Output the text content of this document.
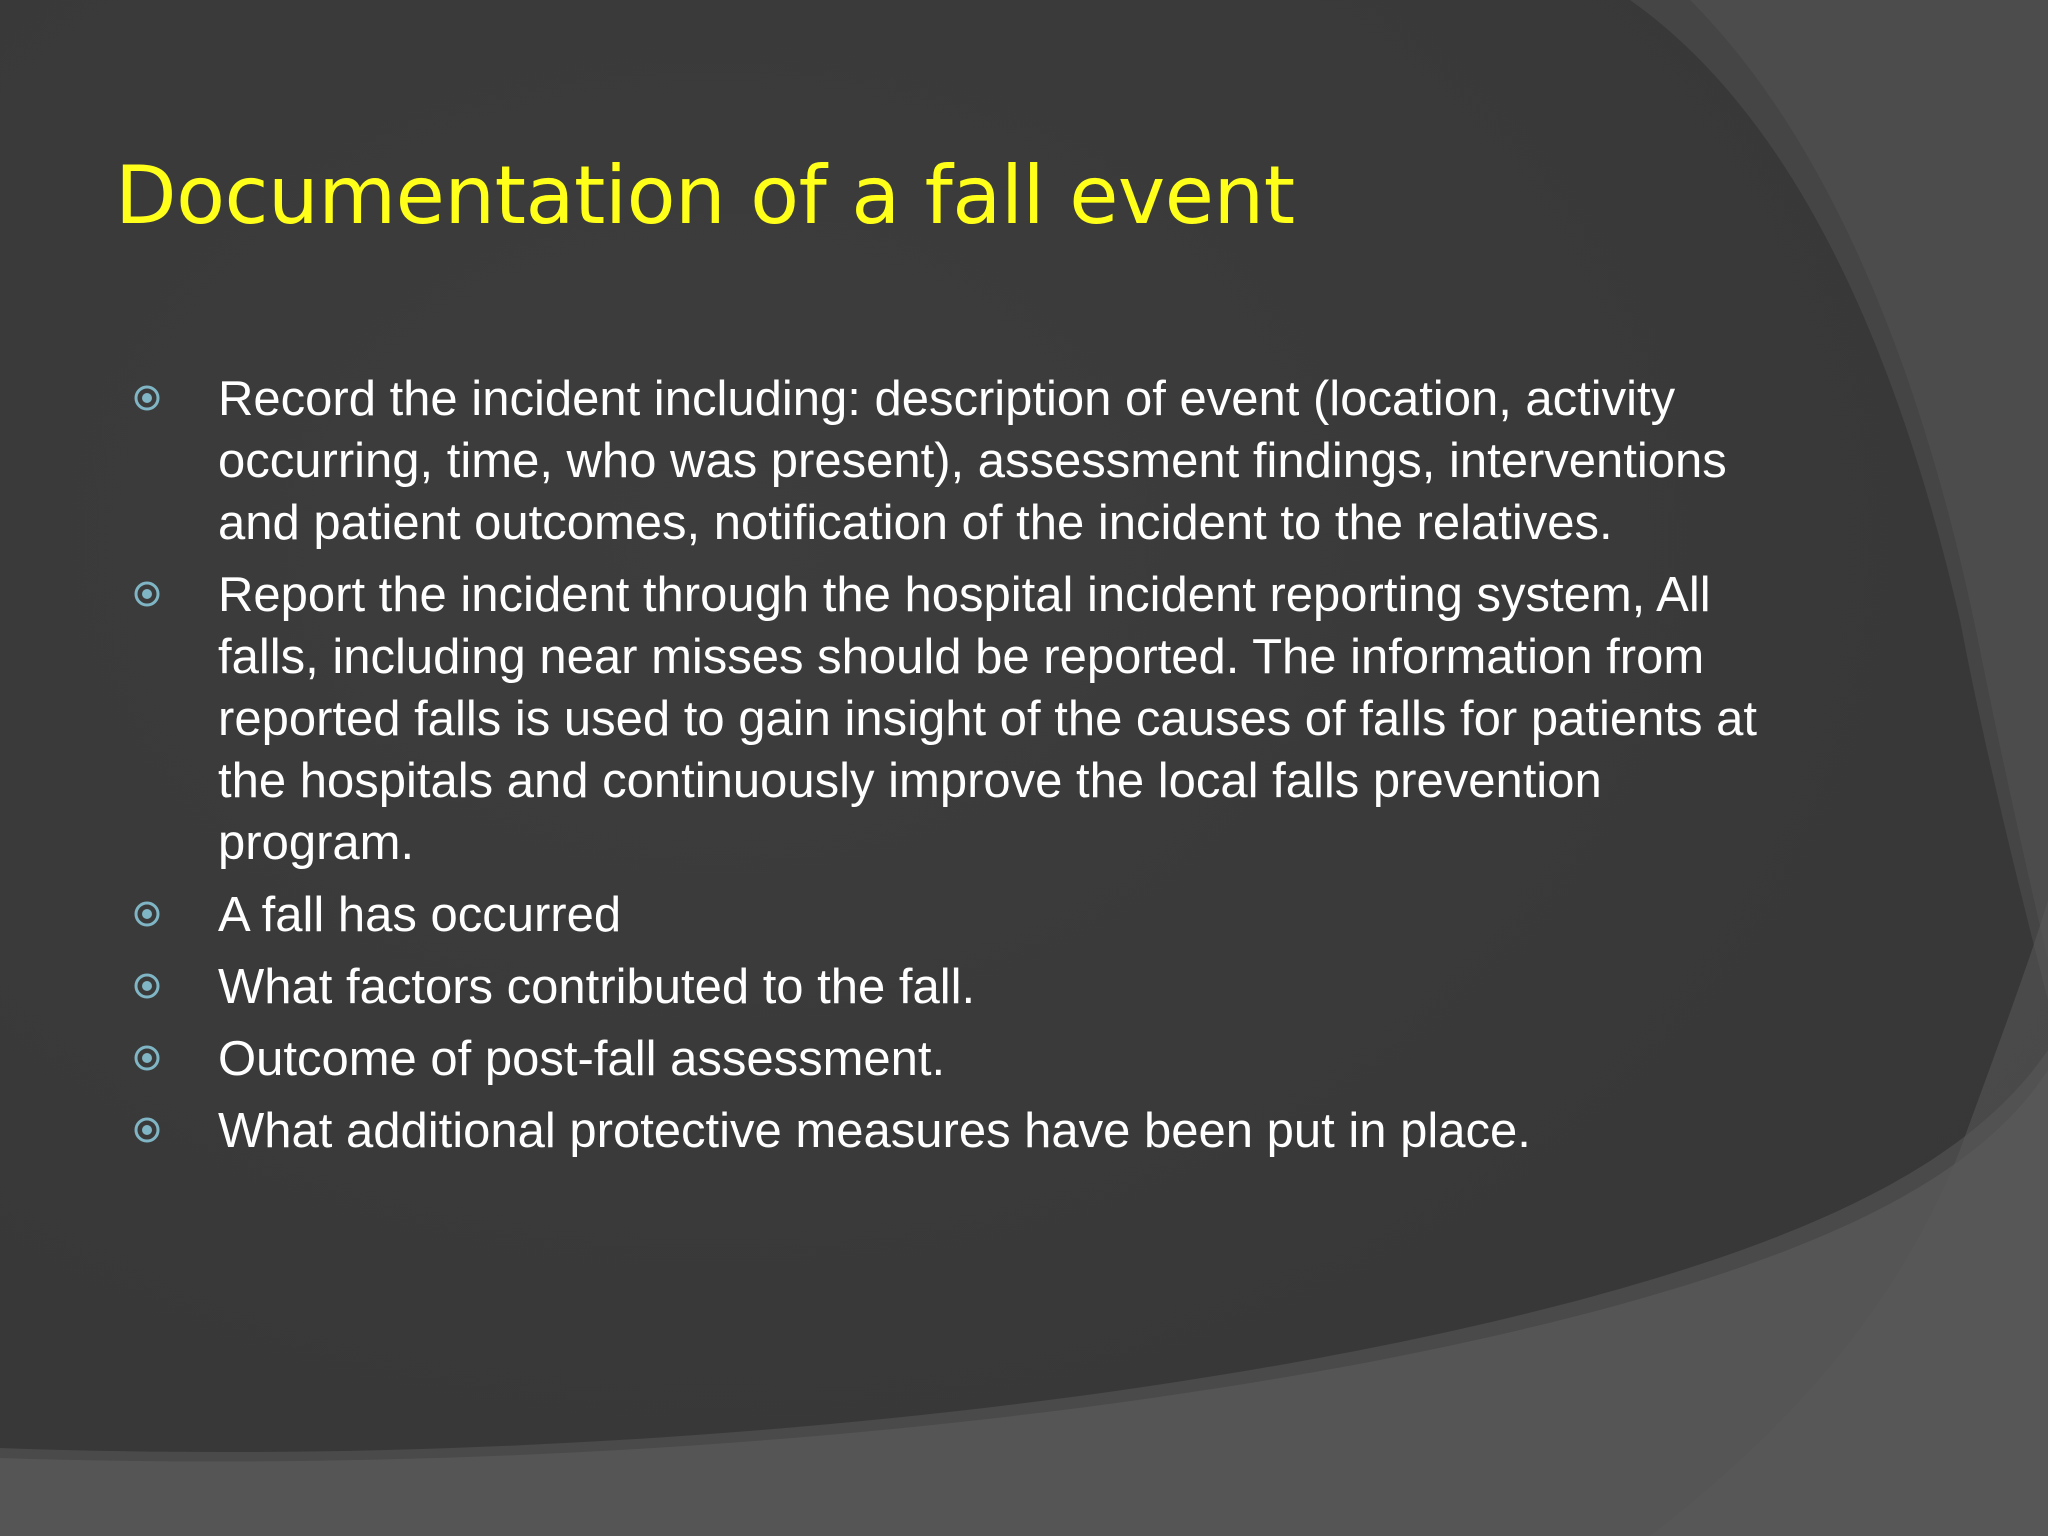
Documentation of a fall event
Record the incident including: description of event (location, activity occurring, time, who was present), assessment findings, interventions and patient outcomes, notification of the incident to the relatives.
Report the incident through the hospital incident reporting system, All falls, including near misses should be reported. The information from reported falls is used to gain insight of the causes of falls for patients at the hospitals and continuously improve the local falls prevention program.
A fall has occurred
What factors contributed to the fall.
Outcome of post-fall assessment.
What additional protective measures have been put in place.
